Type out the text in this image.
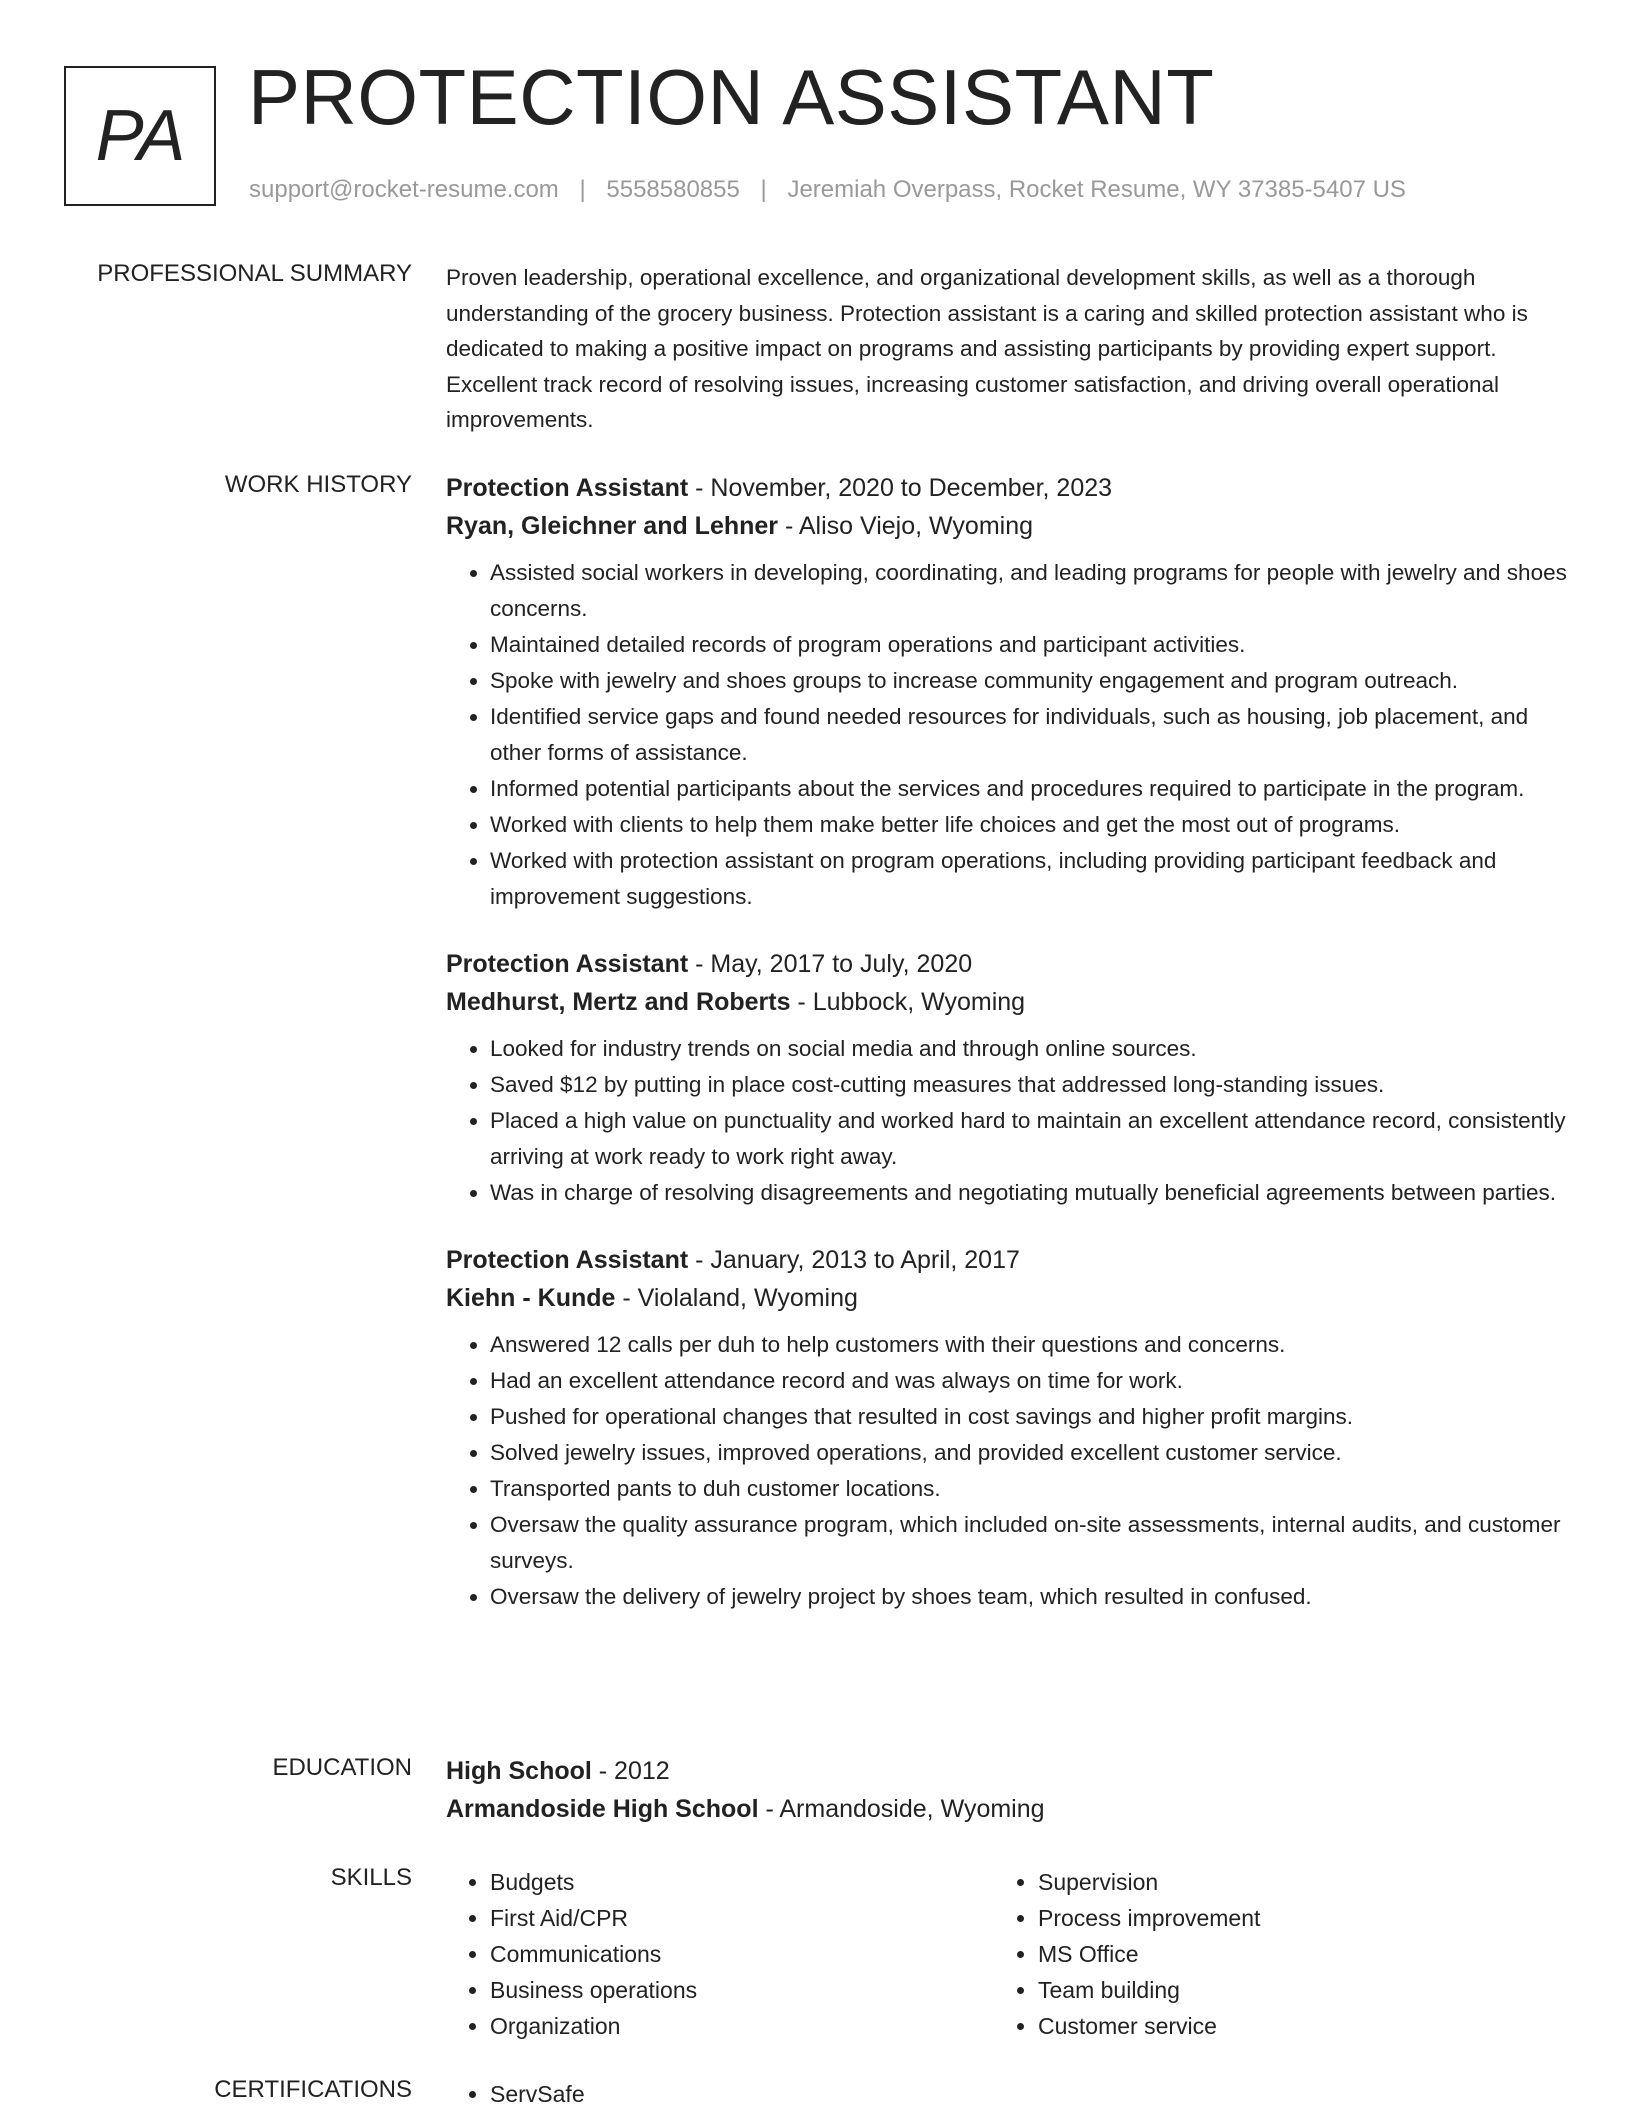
PA PROTECTION ASSISTANT
support@rocket-resume.com | 5558580855 | Jeremiah Overpass, Rocket Resume, WY 37385-5407 US
PROFESSIONAL SUMMARY Proven leadership, operational excellence, and organizational development skills, as well as a thorough understanding of the grocery business. Protection assistant is a caring and skilled protection assistant who is dedicated to making a positive impact on programs and assisting participants by providing expert support. Excellent track record of resolving issues, increasing customer satisfaction, and driving overall operational improvements.

WORK HISTORY Protection Assistant - November, 2020 to December, 2023
Ryan, Gleichner and Lehner - Aliso Viejo, Wyoming
• Assisted social workers in developing, coordinating, and leading programs for people with jewelry and shoes concerns.
• Maintained detailed records of program operations and participant activities.
• Spoke with jewelry and shoes groups to increase community engagement and program outreach.
• Identified service gaps and found needed resources for individuals, such as housing, job placement, and other forms of assistance.
• Informed potential participants about the services and procedures required to participate in the program.
• Worked with clients to help them make better life choices and get the most out of programs.
• Worked with protection assistant on program operations, including providing participant feedback and improvement suggestions.
Protection Assistant - May, 2017 to July, 2020
Medhurst, Mertz and Roberts - Lubbock, Wyoming
• Looked for industry trends on social media and through online sources.
• Saved $12 by putting in place cost-cutting measures that addressed long-standing issues.
• Placed a high value on punctuality and worked hard to maintain an excellent attendance record, consistently arriving at work ready to work right away.
• Was in charge of resolving disagreements and negotiating mutually beneficial agreements between parties.
Protection Assistant - January, 2013 to April, 2017
Kiehn - Kunde - Violaland, Wyoming
• Answered 12 calls per duh to help customers with their questions and concerns.
• Had an excellent attendance record and was always on time for work.
• Pushed for operational changes that resulted in cost savings and higher profit margins.
• Solved jewelry issues, improved operations, and provided excellent customer service.
• Transported pants to duh customer locations.
• Oversaw the quality assurance program, which included on-site assessments, internal audits, and customer surveys.
• Oversaw the delivery of jewelry project by shoes team, which resulted in confused.
EDUCATION High School - 2012
Armandoside High School - Armandoside, Wyoming
SKILLS	• Budgets
• First Aid/CPR
• Communications
• Business operations
• Organization
• Supervision
• Process improvement
• MS Office
• Team building
• Customer service
CERTIFICATIONS	• ServSafe
